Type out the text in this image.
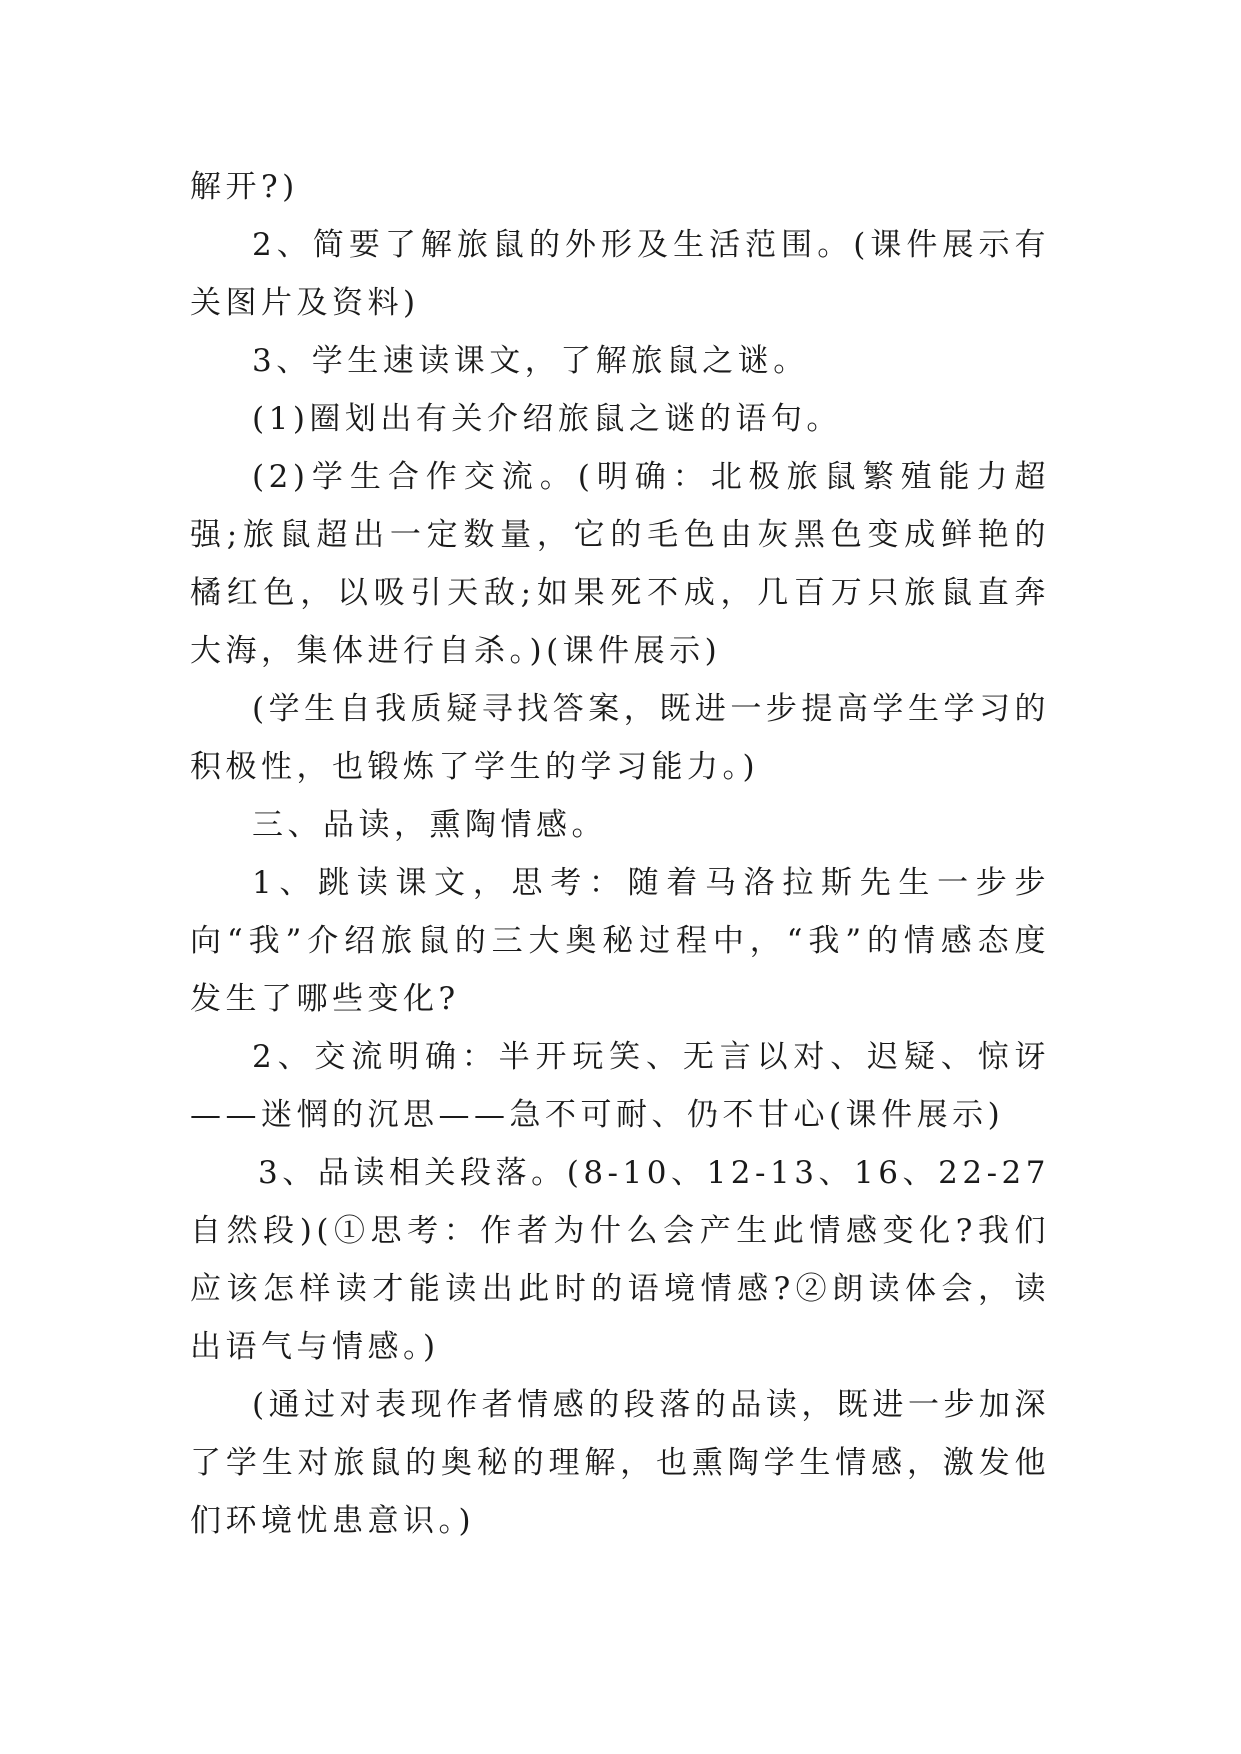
解开?)

2、简要了解旅鼠的外形及生活范围。(课件展示有关图片及资料)

3、学生速读课文，了解旅鼠之谜。

(1)圈划出有关介绍旅鼠之谜的语句。

(2)学生合作交流。(明确：北极旅鼠繁殖能力超强;旅鼠超出一定数量，它的毛色由灰黑色变成鲜艳的橘红色，以吸引天敌;如果死不成，几百万只旅鼠直奔大海，集体进行自杀。)(课件展示)

(学生自我质疑寻找答案，既进一步提高学生学习的积极性，也锻炼了学生的学习能力。)

三、品读，熏陶情感。

1、跳读课文，思考：随着马洛拉斯先生一步步向“我”介绍旅鼠的三大奥秘过程中，“我”的情感态度发生了哪些变化?

2、交流明确：半开玩笑、无言以对、迟疑、惊讶——迷惘的沉思——急不可耐、仍不甘心(课件展示)

3、品读相关段落。(8-10、12-13、16、22-27 自然段)(①思考：作者为什么会产生此情感变化?我们应该怎样读才能读出此时的语境情感?②朗读体会，读出语气与情感。)

(通过对表现作者情感的段落的品读，既进一步加深了学生对旅鼠的奥秘的理解，也熏陶学生情感，激发他们环境忧患意识。)
